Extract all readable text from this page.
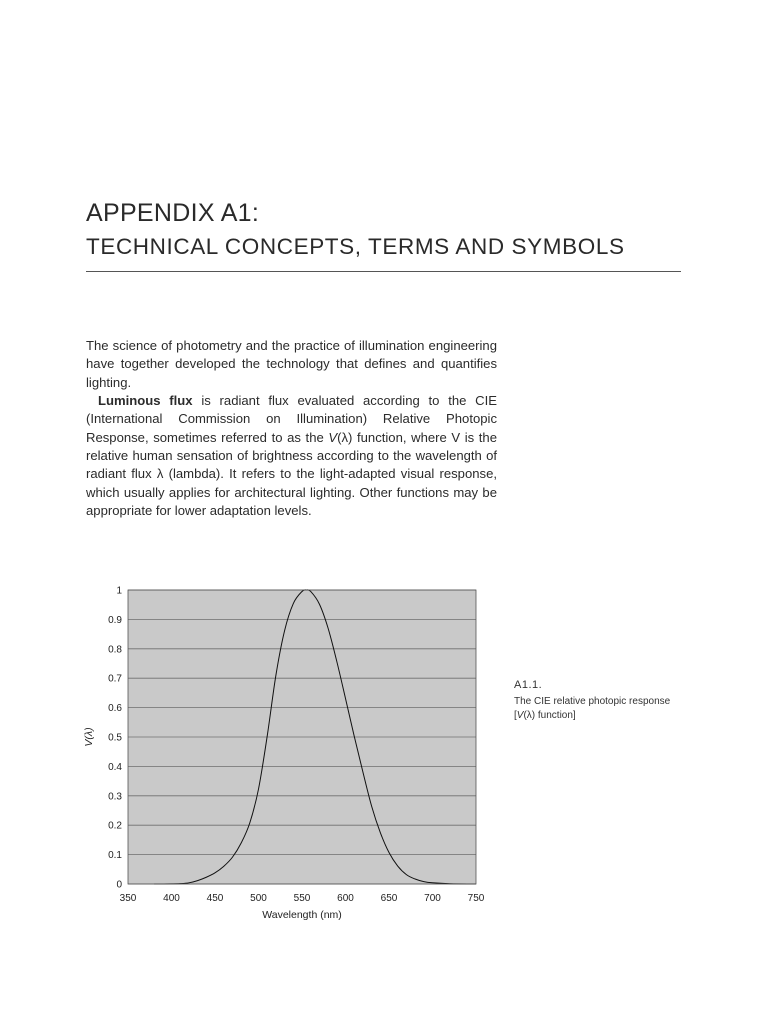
APPENDIX A1:
TECHNICAL CONCEPTS, TERMS AND SYMBOLS

The science of photometry and the practice of illumination engineering have together developed the technology that defines and quantifies lighting.

Luminous flux is radiant flux evaluated according to the CIE (International Commission on Illumination) Relative Photopic Response, sometimes referred to as the V(λ) function, where V is the relative human sensation of brightness according to the wavelength of radiant flux λ (lambda). It refers to the light-adapted visual response, which usually applies for architectural lighting. Other functions may be appropriate for lower adaptation levels.

0
0.1
0.2
0.3
0.4
0.5
0.6
0.7
0.8
0.9
1
350	400	450	500	550	600	650	700	750
Wavelength (nm)
V(λ)
A1.1.
The CIE relative photopic response [V(λ) function]
